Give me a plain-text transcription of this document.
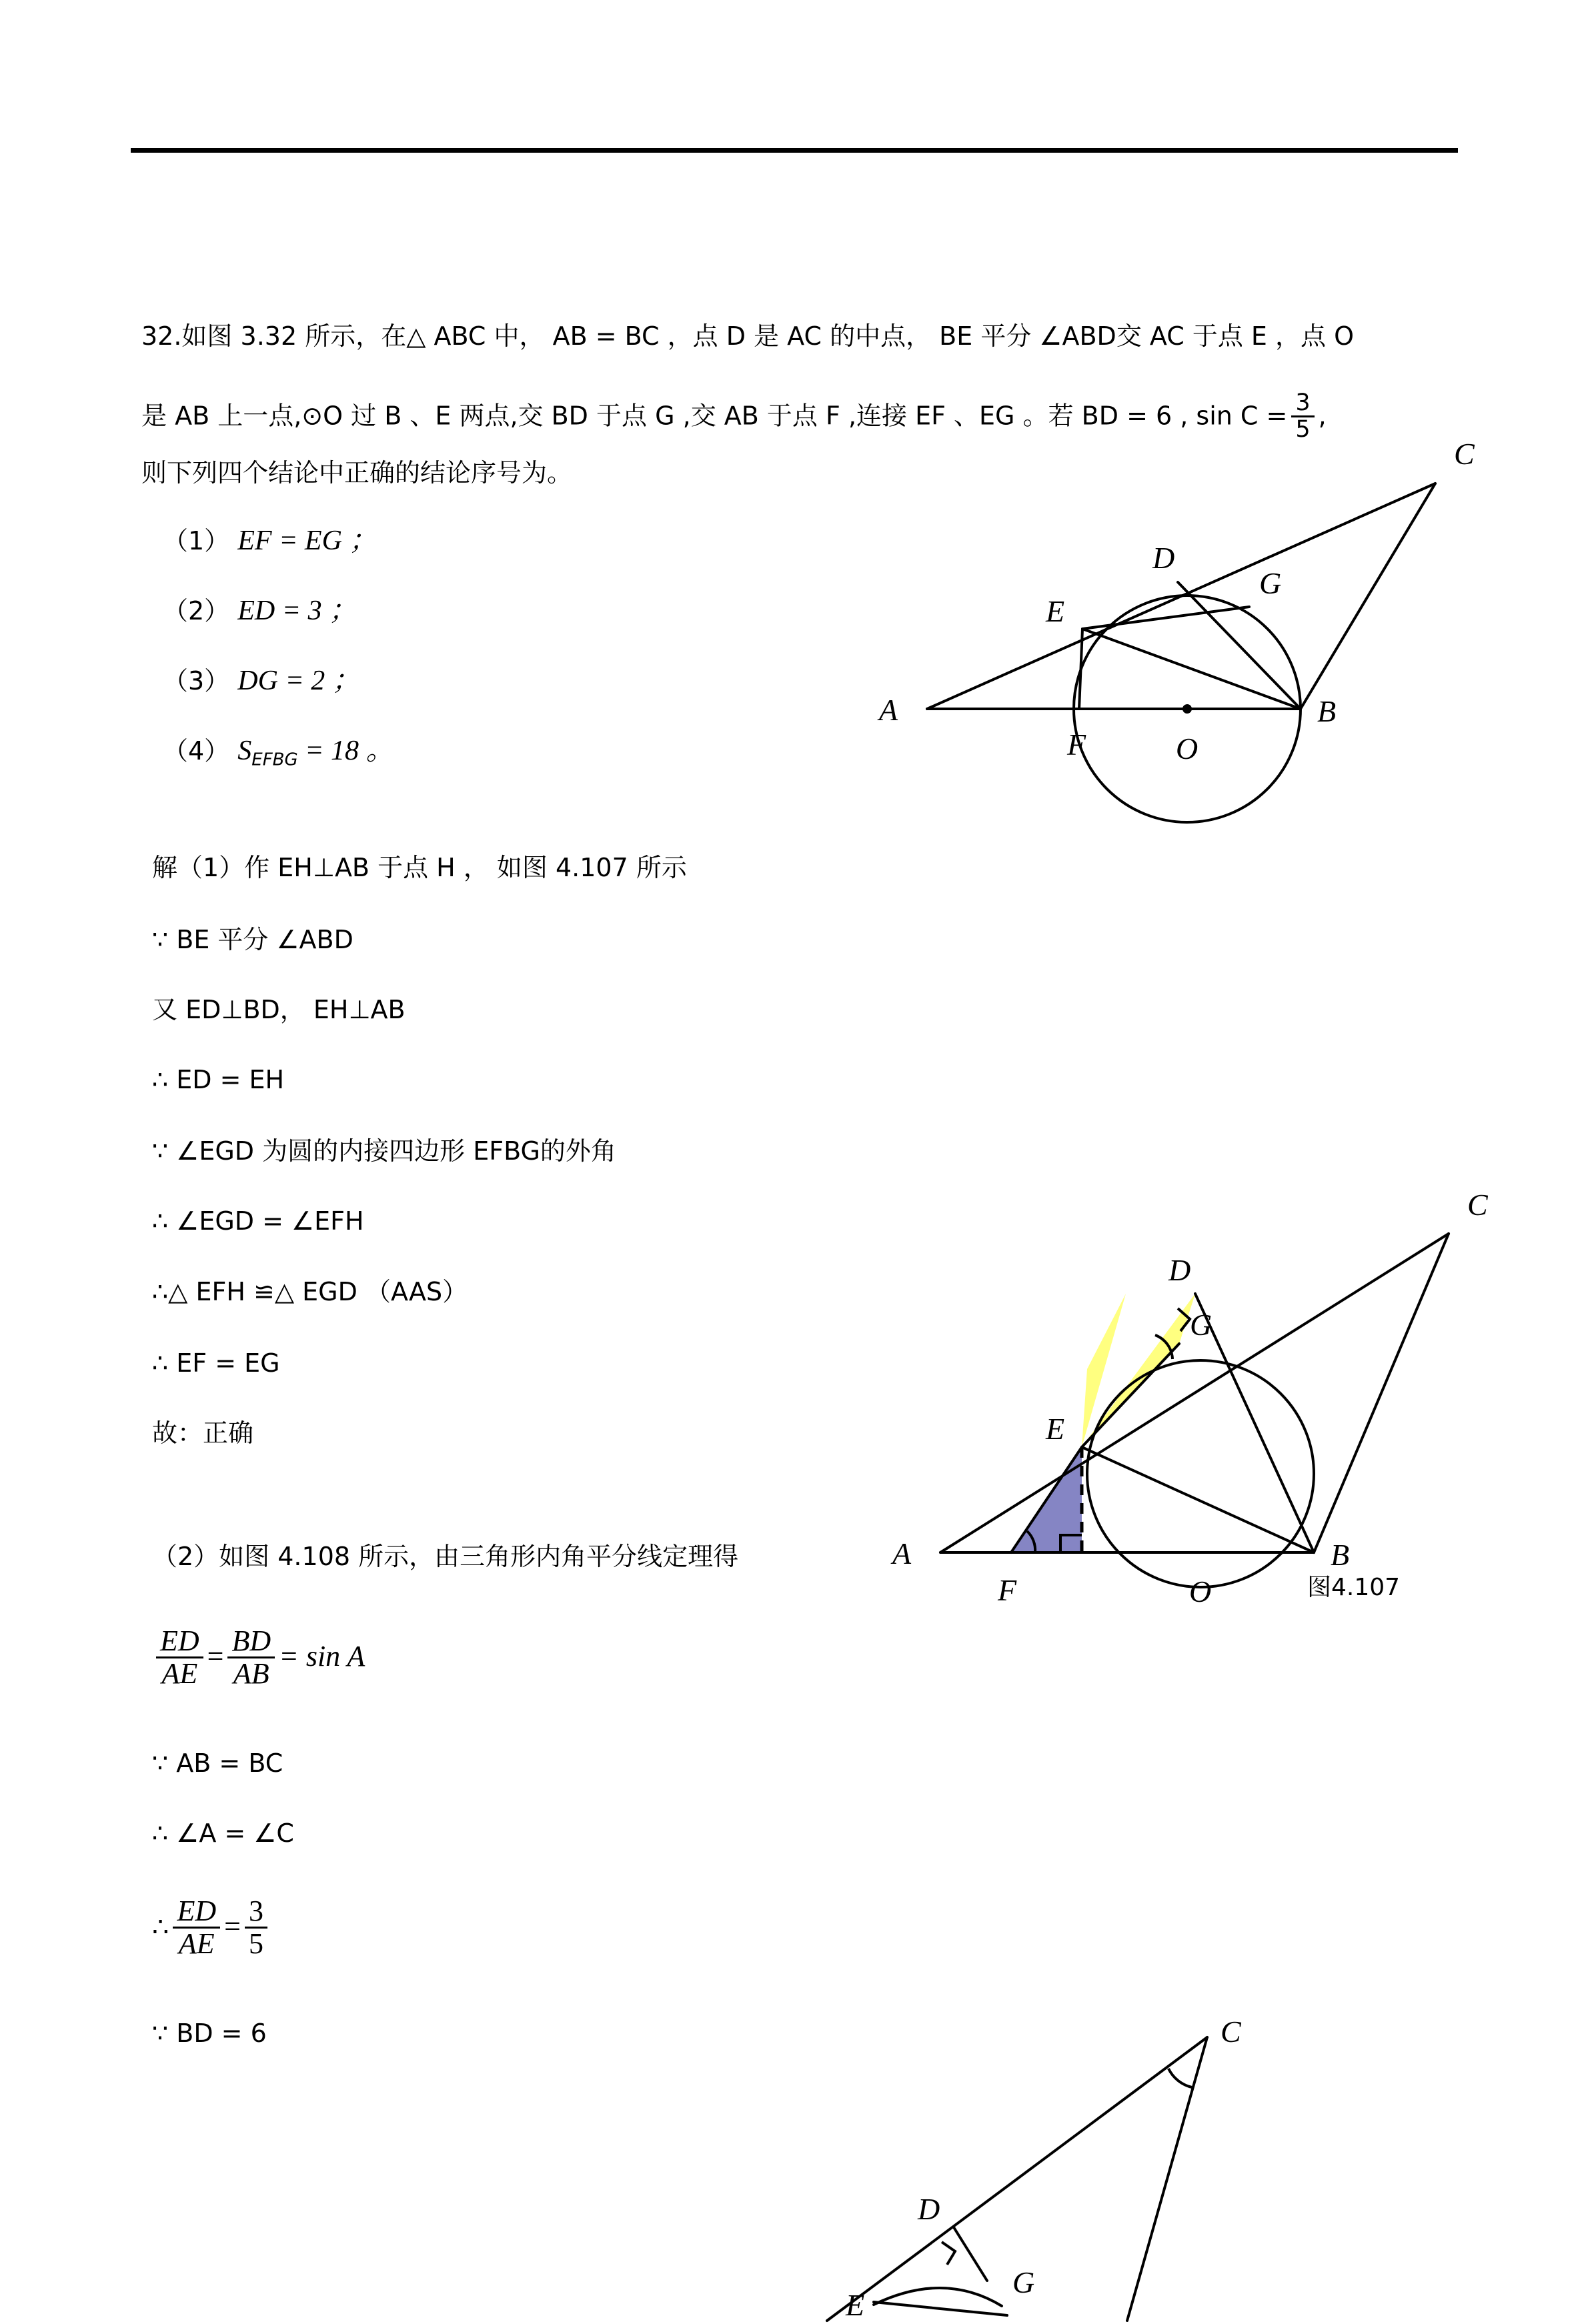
32.如图 3.32 所示，在△ ABC 中， AB = BC ，点 D 是 AC 的中点， BE 平分 ∠ABD交 AC 于点 E ，点 O
是 AB 上一点,⊙O 过 B 、E 两点,交 BD 于点 G ,交 AB 于点 F ,连接 EF 、EG 。若 BD = 6 , $\sin C = \frac{3}{5}$ ,
则下列四个结论中正确的结论序号为。
（1） EF = EG ；
（2） ED = 3 ；
（3） DG = 2 ；
（4） $S_{EFBG} = 18$ 。
解（1）作 EH⊥AB 于点 H ， 如图 4.107 所示
∵ BE 平分 ∠ABD
又 ED⊥BD， EH⊥AB
∴ ED = EH
∵ ∠EGD 为圆的内接四边形 EFBG的外角
∴ ∠EGD = ∠EFH
∴△ EFH ≌△ EGD （AAS）
∴ EF = EG
故：正确
（2）如图 4.108 所示，由三角形内角平分线定理得
$\frac{ED}{AE} = \frac{BD}{AB} = \sin A$
∵ AB = BC
∴ ∠A = ∠C
∴ $\frac{ED}{AE} = \frac{3}{5}$
∵ BD = 6
A	B
C
D
E
F
G
O
A	B
C
D
E
F
G
O	图4.107
C
D
G
E
